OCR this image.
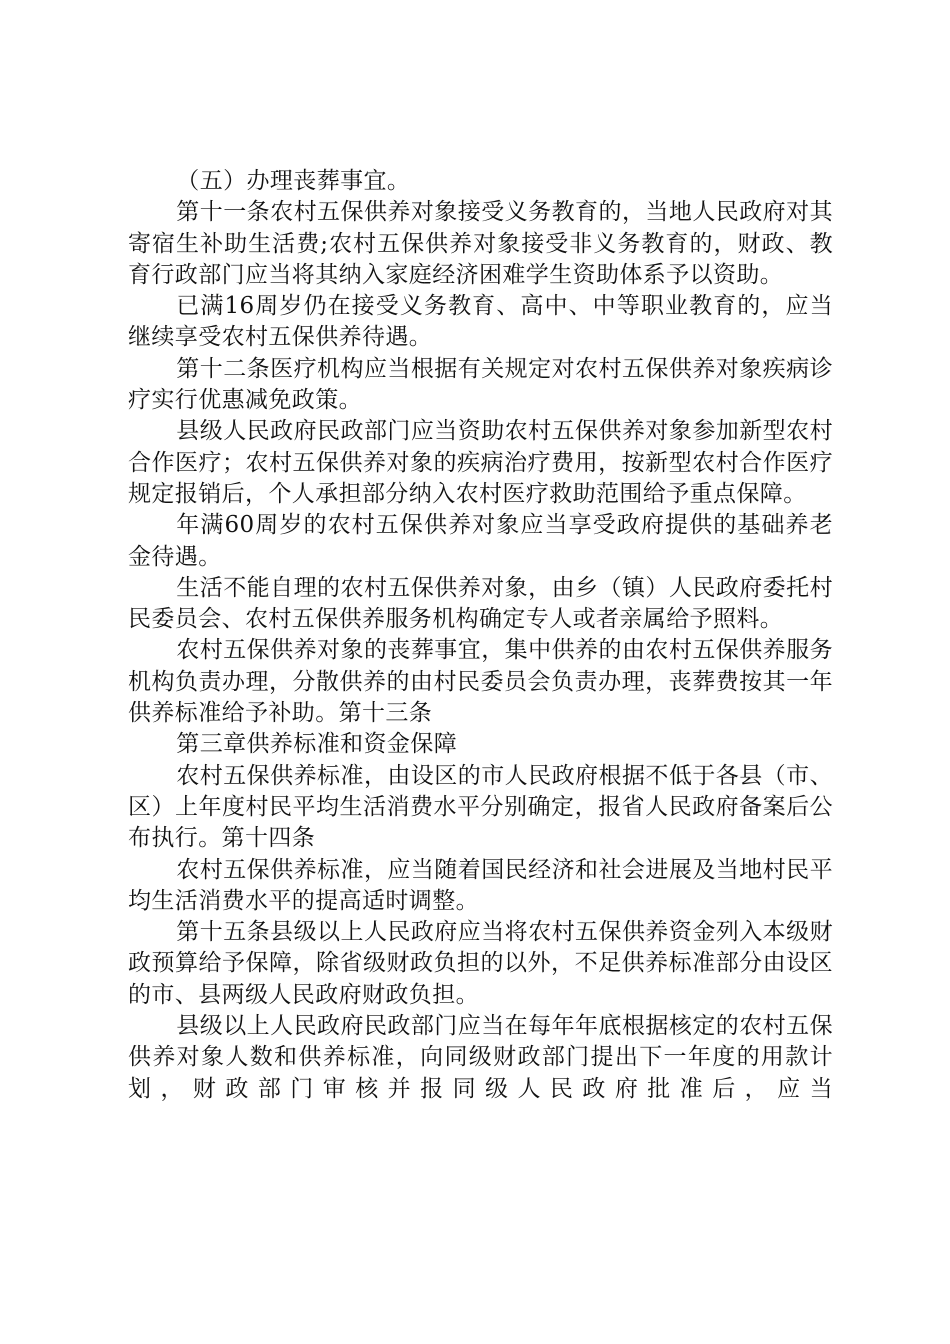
（五）办理丧葬事宜。

第十一条农村五保供养对象接受义务教育的，当地人民政府对其寄宿生补助生活费;农村五保供养对象接受非义务教育的，财政、教育行政部门应当将其纳入家庭经济困难学生资助体系予以资助。

已满16周岁仍在接受义务教育、高中、中等职业教育的，应当继续享受农村五保供养待遇。

第十二条医疗机构应当根据有关规定对农村五保供养对象疾病诊疗实行优惠减免政策。

县级人民政府民政部门应当资助农村五保供养对象参加新型农村合作医疗；农村五保供养对象的疾病治疗费用，按新型农村合作医疗规定报销后，个人承担部分纳入农村医疗救助范围给予重点保障。

年满60周岁的农村五保供养对象应当享受政府提供的基础养老金待遇。

生活不能自理的农村五保供养对象，由乡（镇）人民政府委托村民委员会、农村五保供养服务机构确定专人或者亲属给予照料。

农村五保供养对象的丧葬事宜，集中供养的由农村五保供养服务机构负责办理，分散供养的由村民委员会负责办理，丧葬费按其一年供养标准给予补助。第十三条

第三章供养标准和资金保障

农村五保供养标准，由设区的市人民政府根据不低于各县（市、区）上年度村民平均生活消费水平分别确定，报省人民政府备案后公布执行。第十四条

农村五保供养标准，应当随着国民经济和社会进展及当地村民平均生活消费水平的提高适时调整。

第十五条县级以上人民政府应当将农村五保供养资金列入本级财政预算给予保障，除省级财政负担的以外，不足供养标准部分由设区的市、县两级人民政府财政负担。

县级以上人民政府民政部门应当在每年年底根据核定的农村五保供养对象人数和供养标准，向同级财政部门提出下一年度的用款计划，财政部门审核并报同级人民政府批准后，应当
